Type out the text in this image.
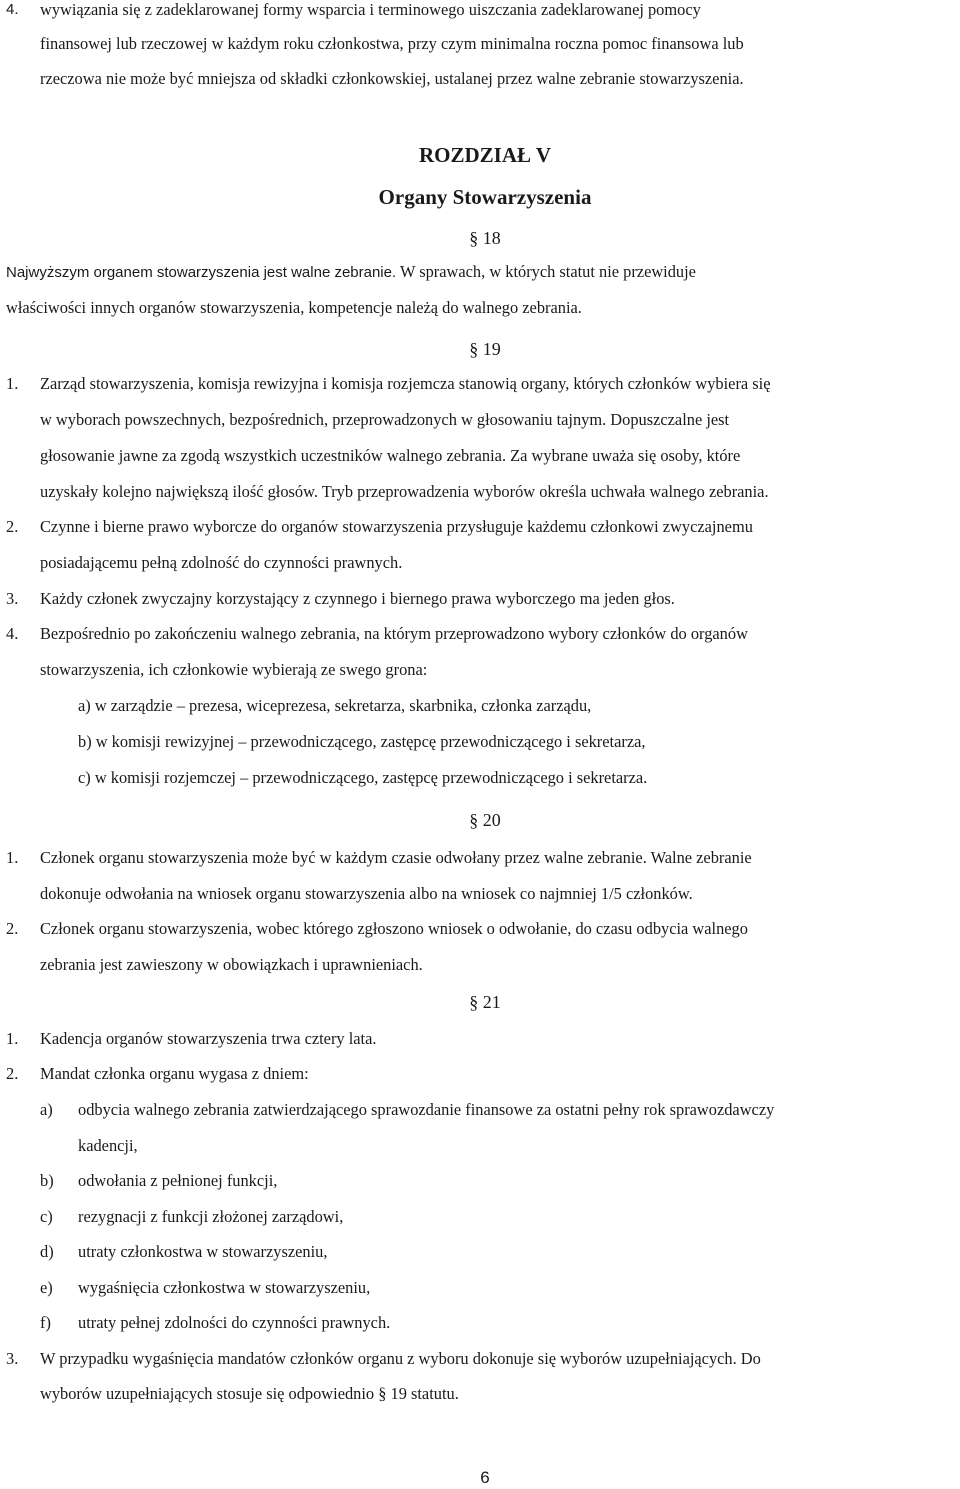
4. wywiązania się z zadeklarowanej formy wsparcia i terminowego uiszczania zadeklarowanej pomocy
finansowej lub rzeczowej w każdym roku członkostwa, przy czym minimalna roczna pomoc finansowa lub
rzeczowa nie może być mniejsza od składki członkowskiej, ustalanej przez walne zebranie stowarzyszenia.
ROZDZIAŁ V
Organy Stowarzyszenia
§ 18
Najwyższym organem stowarzyszenia jest walne zebranie. W sprawach, w których statut nie przewiduje
właściwości innych organów stowarzyszenia, kompetencje należą do walnego zebrania.
§ 19
1. Zarząd stowarzyszenia, komisja rewizyjna i komisja rozjemcza stanowią organy, których członków wybiera się
w wyborach powszechnych, bezpośrednich, przeprowadzonych w głosowaniu tajnym. Dopuszczalne jest
głosowanie jawne za zgodą wszystkich uczestników walnego zebrania. Za wybrane uważa się osoby, które
uzyskały kolejno największą ilość głosów. Tryb przeprowadzenia wyborów określa uchwała walnego zebrania.
2. Czynne i bierne prawo wyborcze do organów stowarzyszenia przysługuje każdemu członkowi zwyczajnemu
posiadającemu pełną zdolność do czynności prawnych.
3. Każdy członek zwyczajny korzystający z czynnego i biernego prawa wyborczego ma jeden głos.
4. Bezpośrednio po zakończeniu walnego zebrania, na którym przeprowadzono wybory członków do organów
stowarzyszenia, ich członkowie wybierają ze swego grona:
a) w zarządzie – prezesa, wiceprezesa, sekretarza, skarbnika, członka zarządu,
b) w komisji rewizyjnej – przewodniczącego, zastępcę przewodniczącego i sekretarza,
c) w komisji rozjemczej – przewodniczącego, zastępcę przewodniczącego i sekretarza.
§ 20
1. Członek organu stowarzyszenia może być w każdym czasie odwołany przez walne zebranie. Walne zebranie
dokonuje odwołania na wniosek organu stowarzyszenia albo na wniosek co najmniej 1/5 członków.
2. Członek organu stowarzyszenia, wobec którego zgłoszono wniosek o odwołanie, do czasu odbycia walnego
zebrania jest zawieszony w obowiązkach i uprawnieniach.
§ 21
1. Kadencja organów stowarzyszenia trwa cztery lata.
2. Mandat członka organu wygasa z dniem:
a) odbycia walnego zebrania zatwierdzającego sprawozdanie finansowe za ostatni pełny rok sprawozdawczy
kadencji,
b) odwołania z pełnionej funkcji,
c) rezygnacji z funkcji złożonej zarządowi,
d) utraty członkostwa w stowarzyszeniu,
e) wygaśnięcia członkostwa w stowarzyszeniu,
f) utraty pełnej zdolności do czynności prawnych.
3. W przypadku wygaśnięcia mandatów członków organu z wyboru dokonuje się wyborów uzupełniających. Do
wyborów uzupełniających stosuje się odpowiednio § 19 statutu.
6
